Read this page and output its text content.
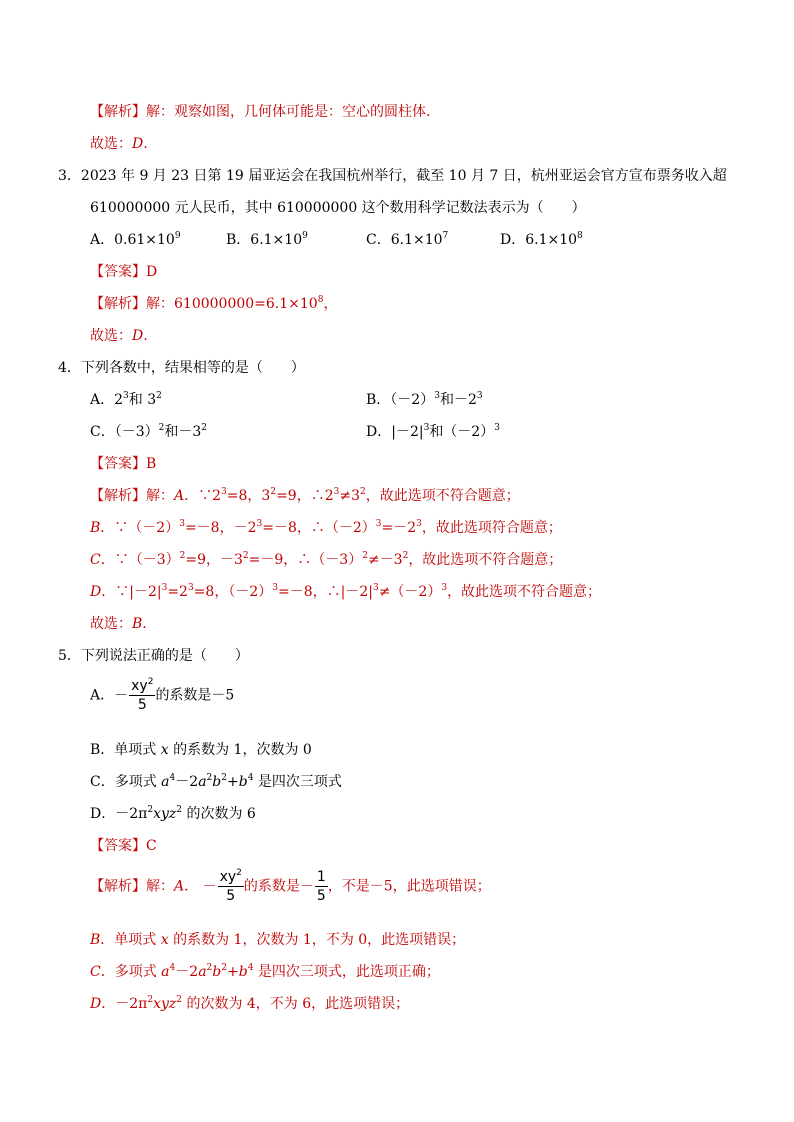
【解析】解：观察如图，几何体可能是：空心的圆柱体.
故选：D.
3．2023 年 9 月 23 日第 19 届亚运会在我国杭州举行，截至 10 月 7 日，杭州亚运会官方宣布票务收入超
610000000 元人民币，其中 610000000 这个数用科学记数法表示为（　　）
A．$0.61\times 10^9$	B．$6.1\times 10^9$	C．$6.1\times 10^7$	D．$6.1\times 10^8$
【答案】D
【解析】解：$610000000=6.1\times 10^8$，
故选：D.
4．下列各数中，结果相等的是（　　）
A．$2^3$和 $3^2$	B．$(-2)^3$和$-2^3$
C．$(-3)^2$和$-3^2$	D．$|-2|^3$和$(-2)^3$
【答案】B
【解析】解：A．$\because 2^3=8$，$3^2=9$，$\therefore 2^3\ne 3^2$，故此选项不符合题意；
B．$\because(-2)^3=-8$，$-2^3=-8$，$\therefore(-2)^3=-2^3$，故此选项符合题意；
C．$\because(-3)^2=9$，$-3^2=-9$，$\therefore(-3)^2\ne-3^2$，故此选项不符合题意；
D．$\because|-2|^3=2^3=8$，$(-2)^3=-8$，$\therefore|-2|^3\ne(-2)^3$，故此选项不符合题意；
故选：B.
5．下列说法正确的是（　　）
A．－ $\frac{xy^2}{5}$ 的系数是－5
B．单项式 x 的系数为 1，次数为 0
C．多项式 $a^4-2a^2b^2+b^4$ 是四次三项式
D．$-2\pi^2xyz^2$ 的次数为 6
【答案】C
【解析】解：A． － $\frac{xy^2}{5}$ 的系数是－ $\frac{1}{5}$ ，不是－5，此选项错误；
B．单项式 x 的系数为 1，次数为 1，不为 0，此选项错误；
C．多项式 $a^4-2a^2b^2+b^4$ 是四次三项式，此选项正确；
D．$-2\pi^2xyz^2$ 的次数为 4，不为 6，此选项错误；
